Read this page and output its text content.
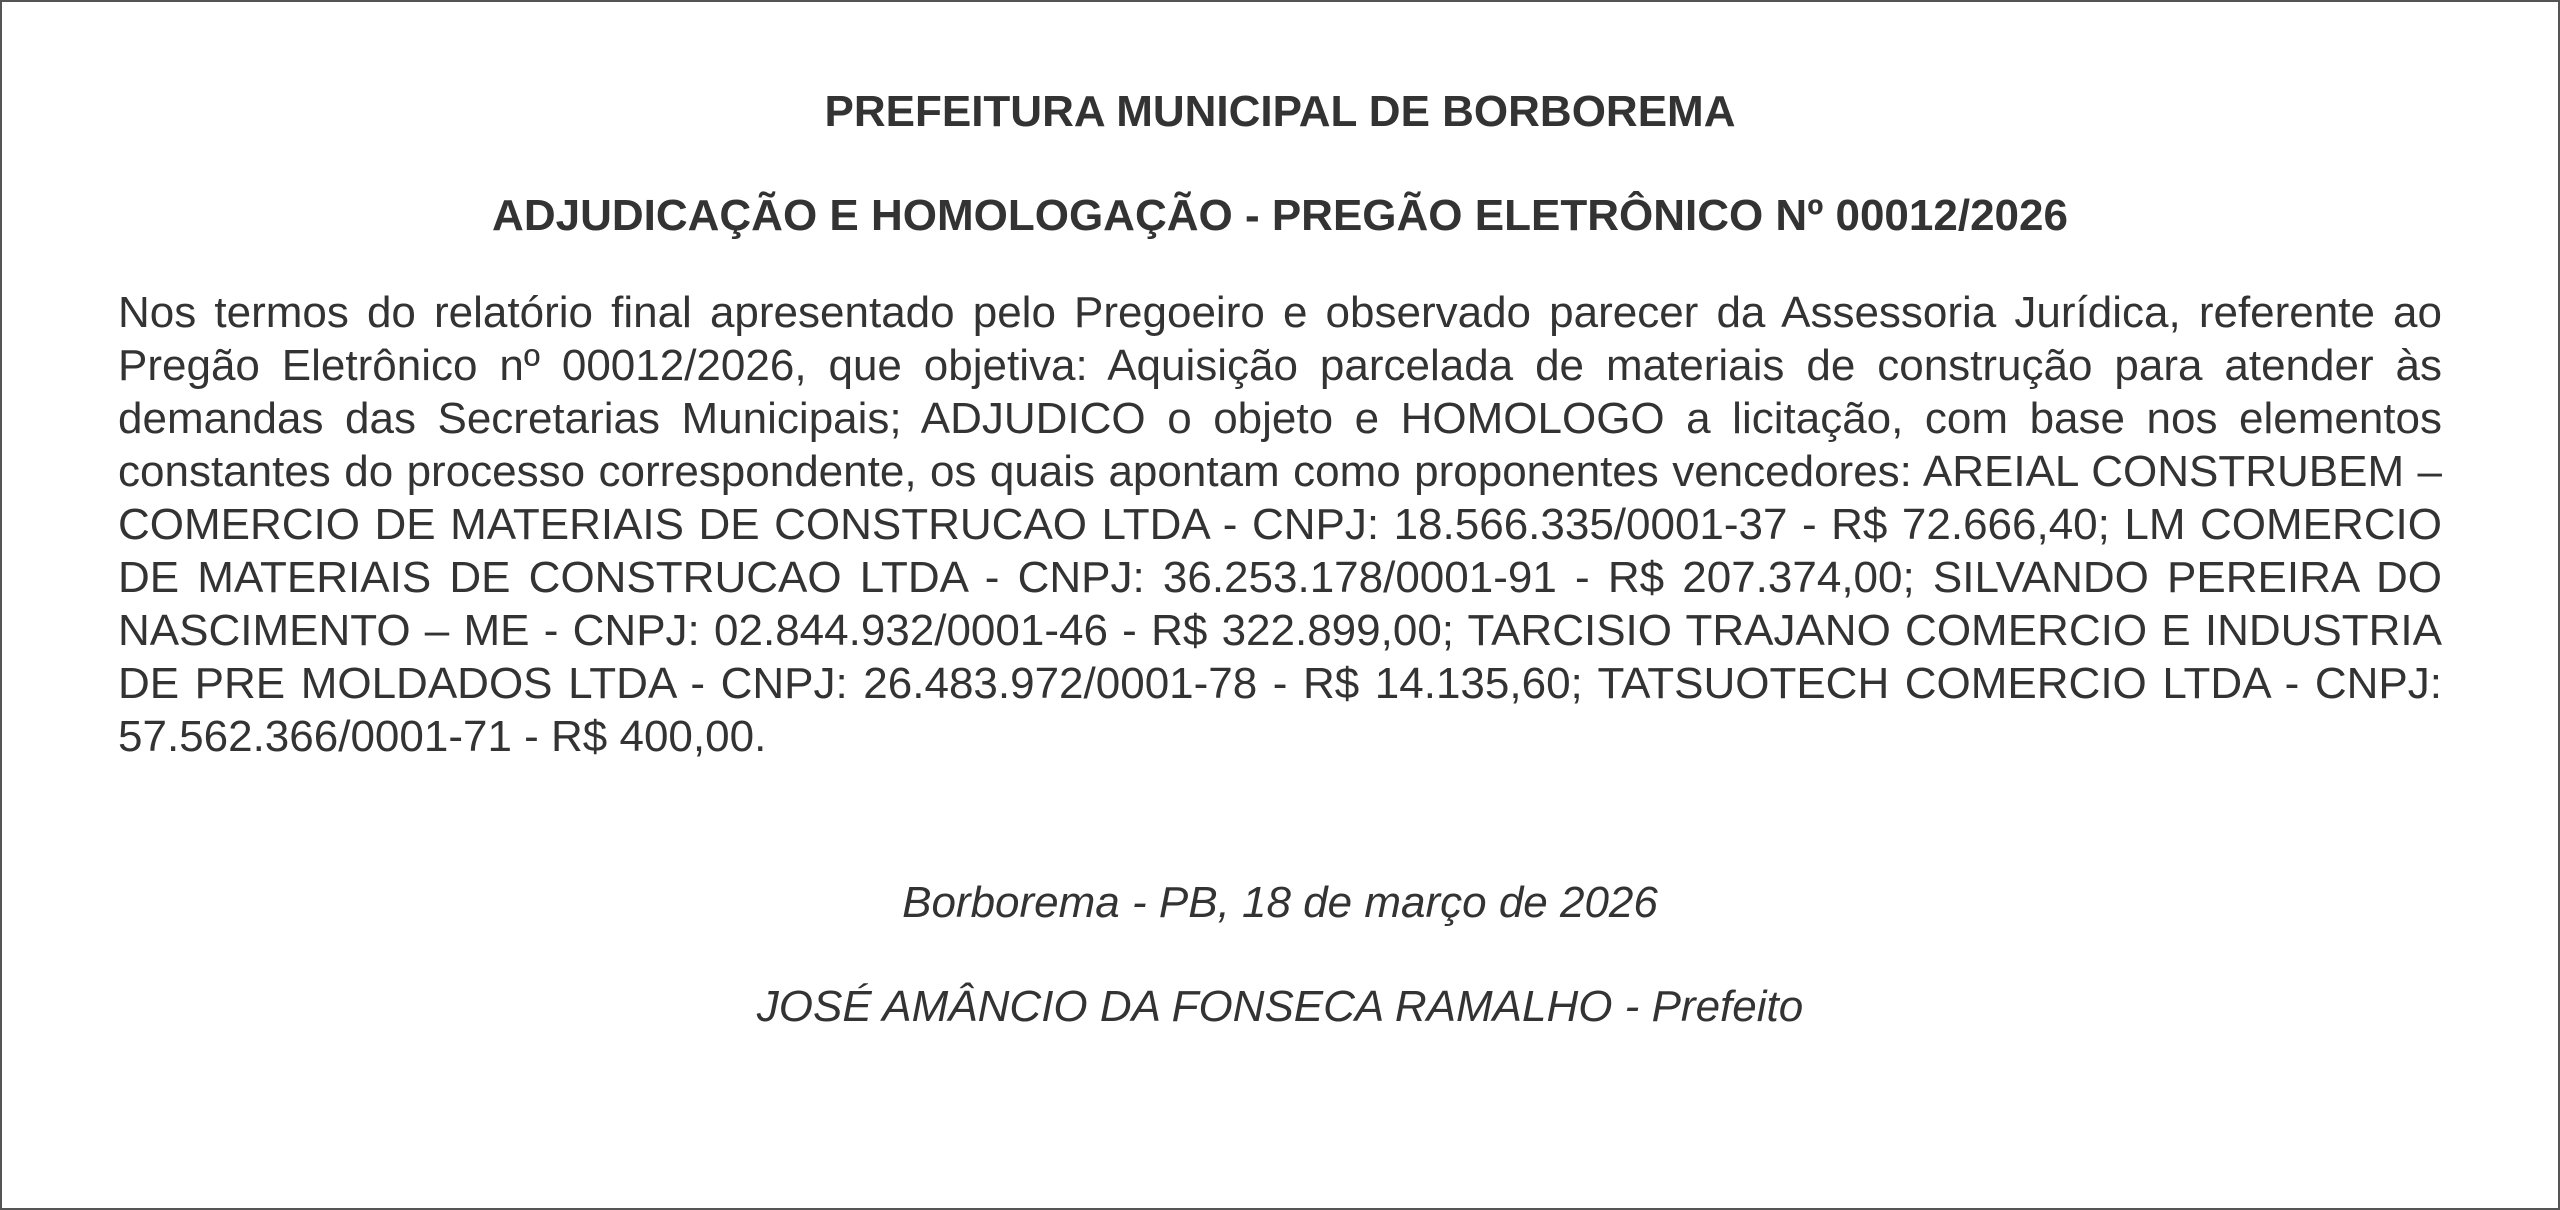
PREFEITURA MUNICIPAL DE BORBOREMA

ADJUDICAÇÃO E HOMOLOGAÇÃO - PREGÃO ELETRÔNICO Nº 00012/2026

Nos termos do relatório final apresentado pelo Pregoeiro e observado parecer da Assessoria Jurídica, referente ao Pregão Eletrônico nº 00012/2026, que objetiva: Aquisição parcelada de materiais de construção para atender às demandas das Secretarias Municipais; ADJUDICO o objeto e HOMOLOGO a licitação, com base nos elementos constantes do processo correspondente, os quais apontam como proponentes vencedores: AREIAL CONSTRUBEM – COMERCIO DE MATERIAIS DE CONSTRUCAO LTDA - CNPJ: 18.566.335/0001-37 - R$ 72.666,40; LM COMERCIO DE MATERIAIS DE CONSTRUCAO LTDA - CNPJ: 36.253.178/0001-91 - R$ 207.374,00; SILVANDO PEREIRA DO NASCIMENTO – ME - CNPJ: 02.844.932/0001-46 - R$ 322.899,00; TARCISIO TRAJANO COMERCIO E INDUSTRIA DE PRE MOLDADOS LTDA - CNPJ: 26.483.972/0001-78 - R$ 14.135,60; TATSUOTECH COMERCIO LTDA - CNPJ: 57.562.366/0001-71 - R$ 400,00.

Borborema - PB, 18 de março de 2026

JOSÉ AMÂNCIO DA FONSECA RAMALHO - Prefeito
